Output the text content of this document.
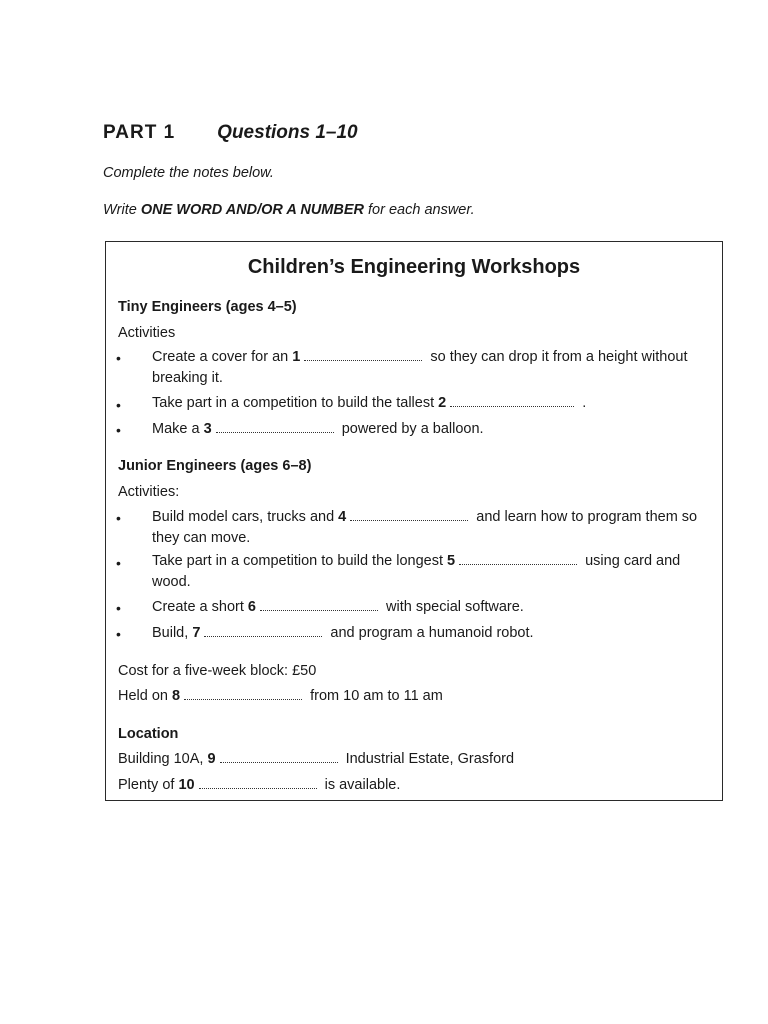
PART 1 Questions 1–10
Complete the notes below.
Write ONE WORD AND/OR A NUMBER for each answer.
Children’s Engineering Workshops
Tiny Engineers (ages 4–5)
Activities
• Create a cover for an 1	so they can drop it from a height without breaking it.
• Take part in a competition to build the tallest 2	.
• Make a 3	powered by a balloon.
Junior Engineers (ages 6–8)
Activities:
• Build model cars, trucks and 4	and learn how to program them so they can move.
• Take part in a competition to build the longest 5	using card and wood.
• Create a short 6	with special software.
• Build, 7	and program a humanoid robot.
Cost for a five-week block: £50
Held on 8	from 10 am to 11 am
Location
Building 10A, 9	Industrial Estate, Grasford
Plenty of 10	is available.
